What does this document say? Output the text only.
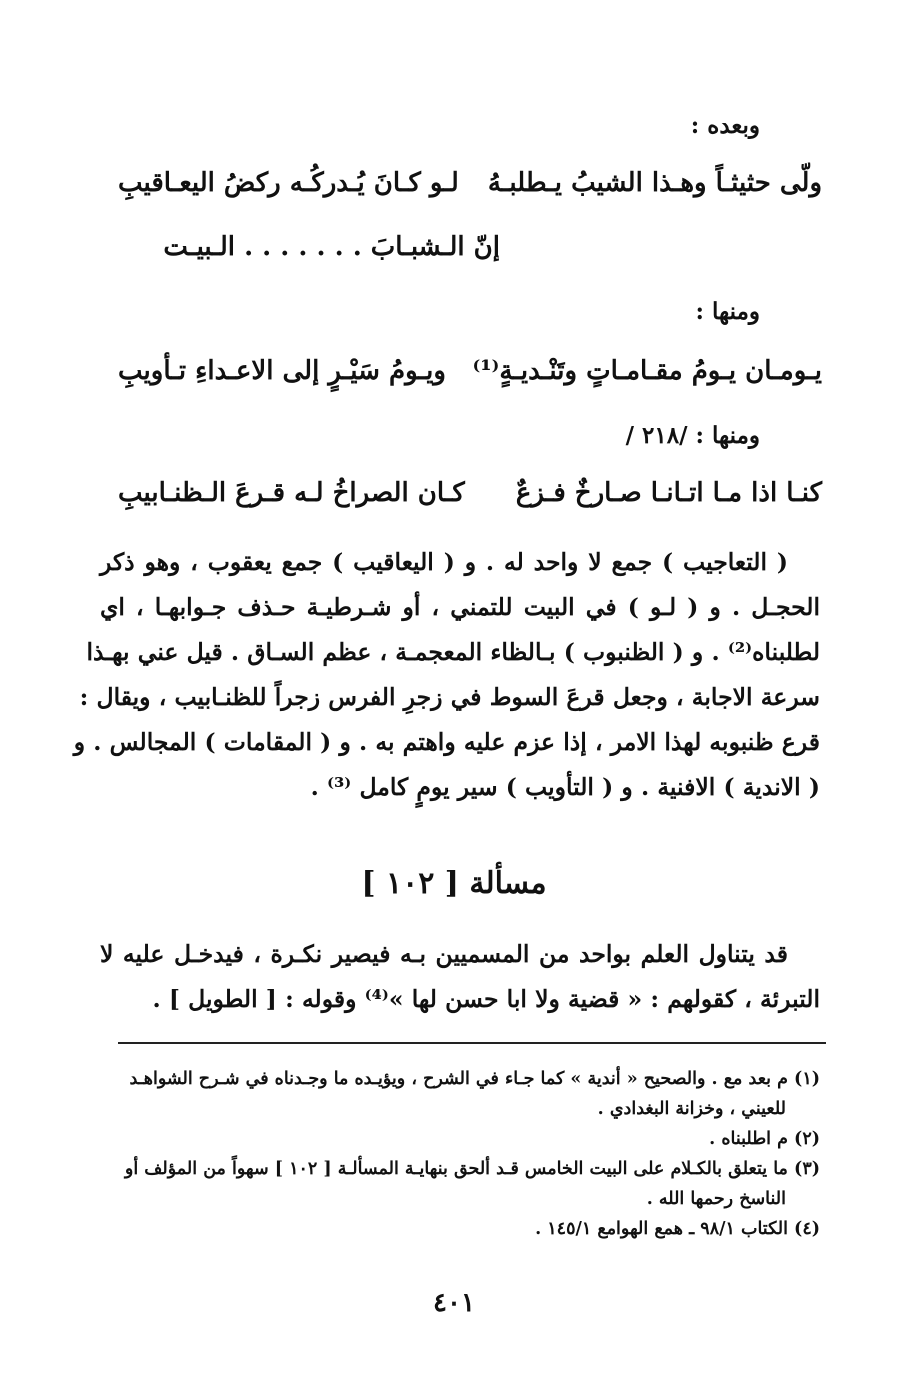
وبعده :
ولّى حثيثـاً وهـذا الشيبُ يـطلبـهُ
لـو كـانَ يُـدركُـه ركضُ اليعـاقيبِ
إنّ الـشبـابَ . . . . . . . الـبيـت
ومنها :
يـومـان يـومُ مقـامـاتٍ وتَنْـديـةٍ⁽¹⁾
ويـومُ سَيْـرٍ إلى الاعـداءِ تـأويبِ
ومنها : /٢١٨ /
كنـا اذا مـا اتـانـا صـارخٌ فـزعٌ
كـان الصراخُ لـه قـرعَ الـظنـابيبِ
( التعاجيب ) جمع لا واحد له . و ( اليعاقيب ) جمع يعقوب ، وهو ذكر
الحجـل . و ( لـو ) في البيت للتمني ، أو شـرطيـة حـذف جـوابهـا ، اي
لطلبناه⁽²⁾ . و ( الظنبوب ) بـالظاء المعجمـة ، عظم السـاق . قيل عني بهـذا
سرعة الاجابة ، وجعل قرعَ السوط في زجرِ الفرس زجراً للظنـابيب ، ويقال :
قرع ظنبوبه لهذا الامر ، إذا عزم عليه واهتم به . و ( المقامات ) المجالس . و
( الاندية ) الافنية . و ( التأويب ) سير يومٍ كامل ⁽³⁾ .
مسألة [ ١٠٢ ]
قد يتناول العلم بواحد من المسميين بـه فيصير نكـرة ، فيدخـل عليه لا
التبرئة ، كقولهم : « قضية ولا ابا حسن لها »⁽⁴⁾ وقوله : [ الطويل ] .
(١) م بعد مع . والصحيح « أندية » كما جـاء في الشرح ، ويؤيـده ما وجـدناه في شـرح الشواهـد
للعيني ، وخزانة البغدادي .
(٢) م اطلبناه .
(٣) ما يتعلق بالكـلام على البيت الخامس قـد ألحق بنهايـة المسألـة [ ١٠٢ ] سهواً من المؤلف أو
الناسخ رحمها الله .
(٤) الكتاب ٩٨/١ ـ همع الهوامع ١٤٥/١ .
٤٠١
